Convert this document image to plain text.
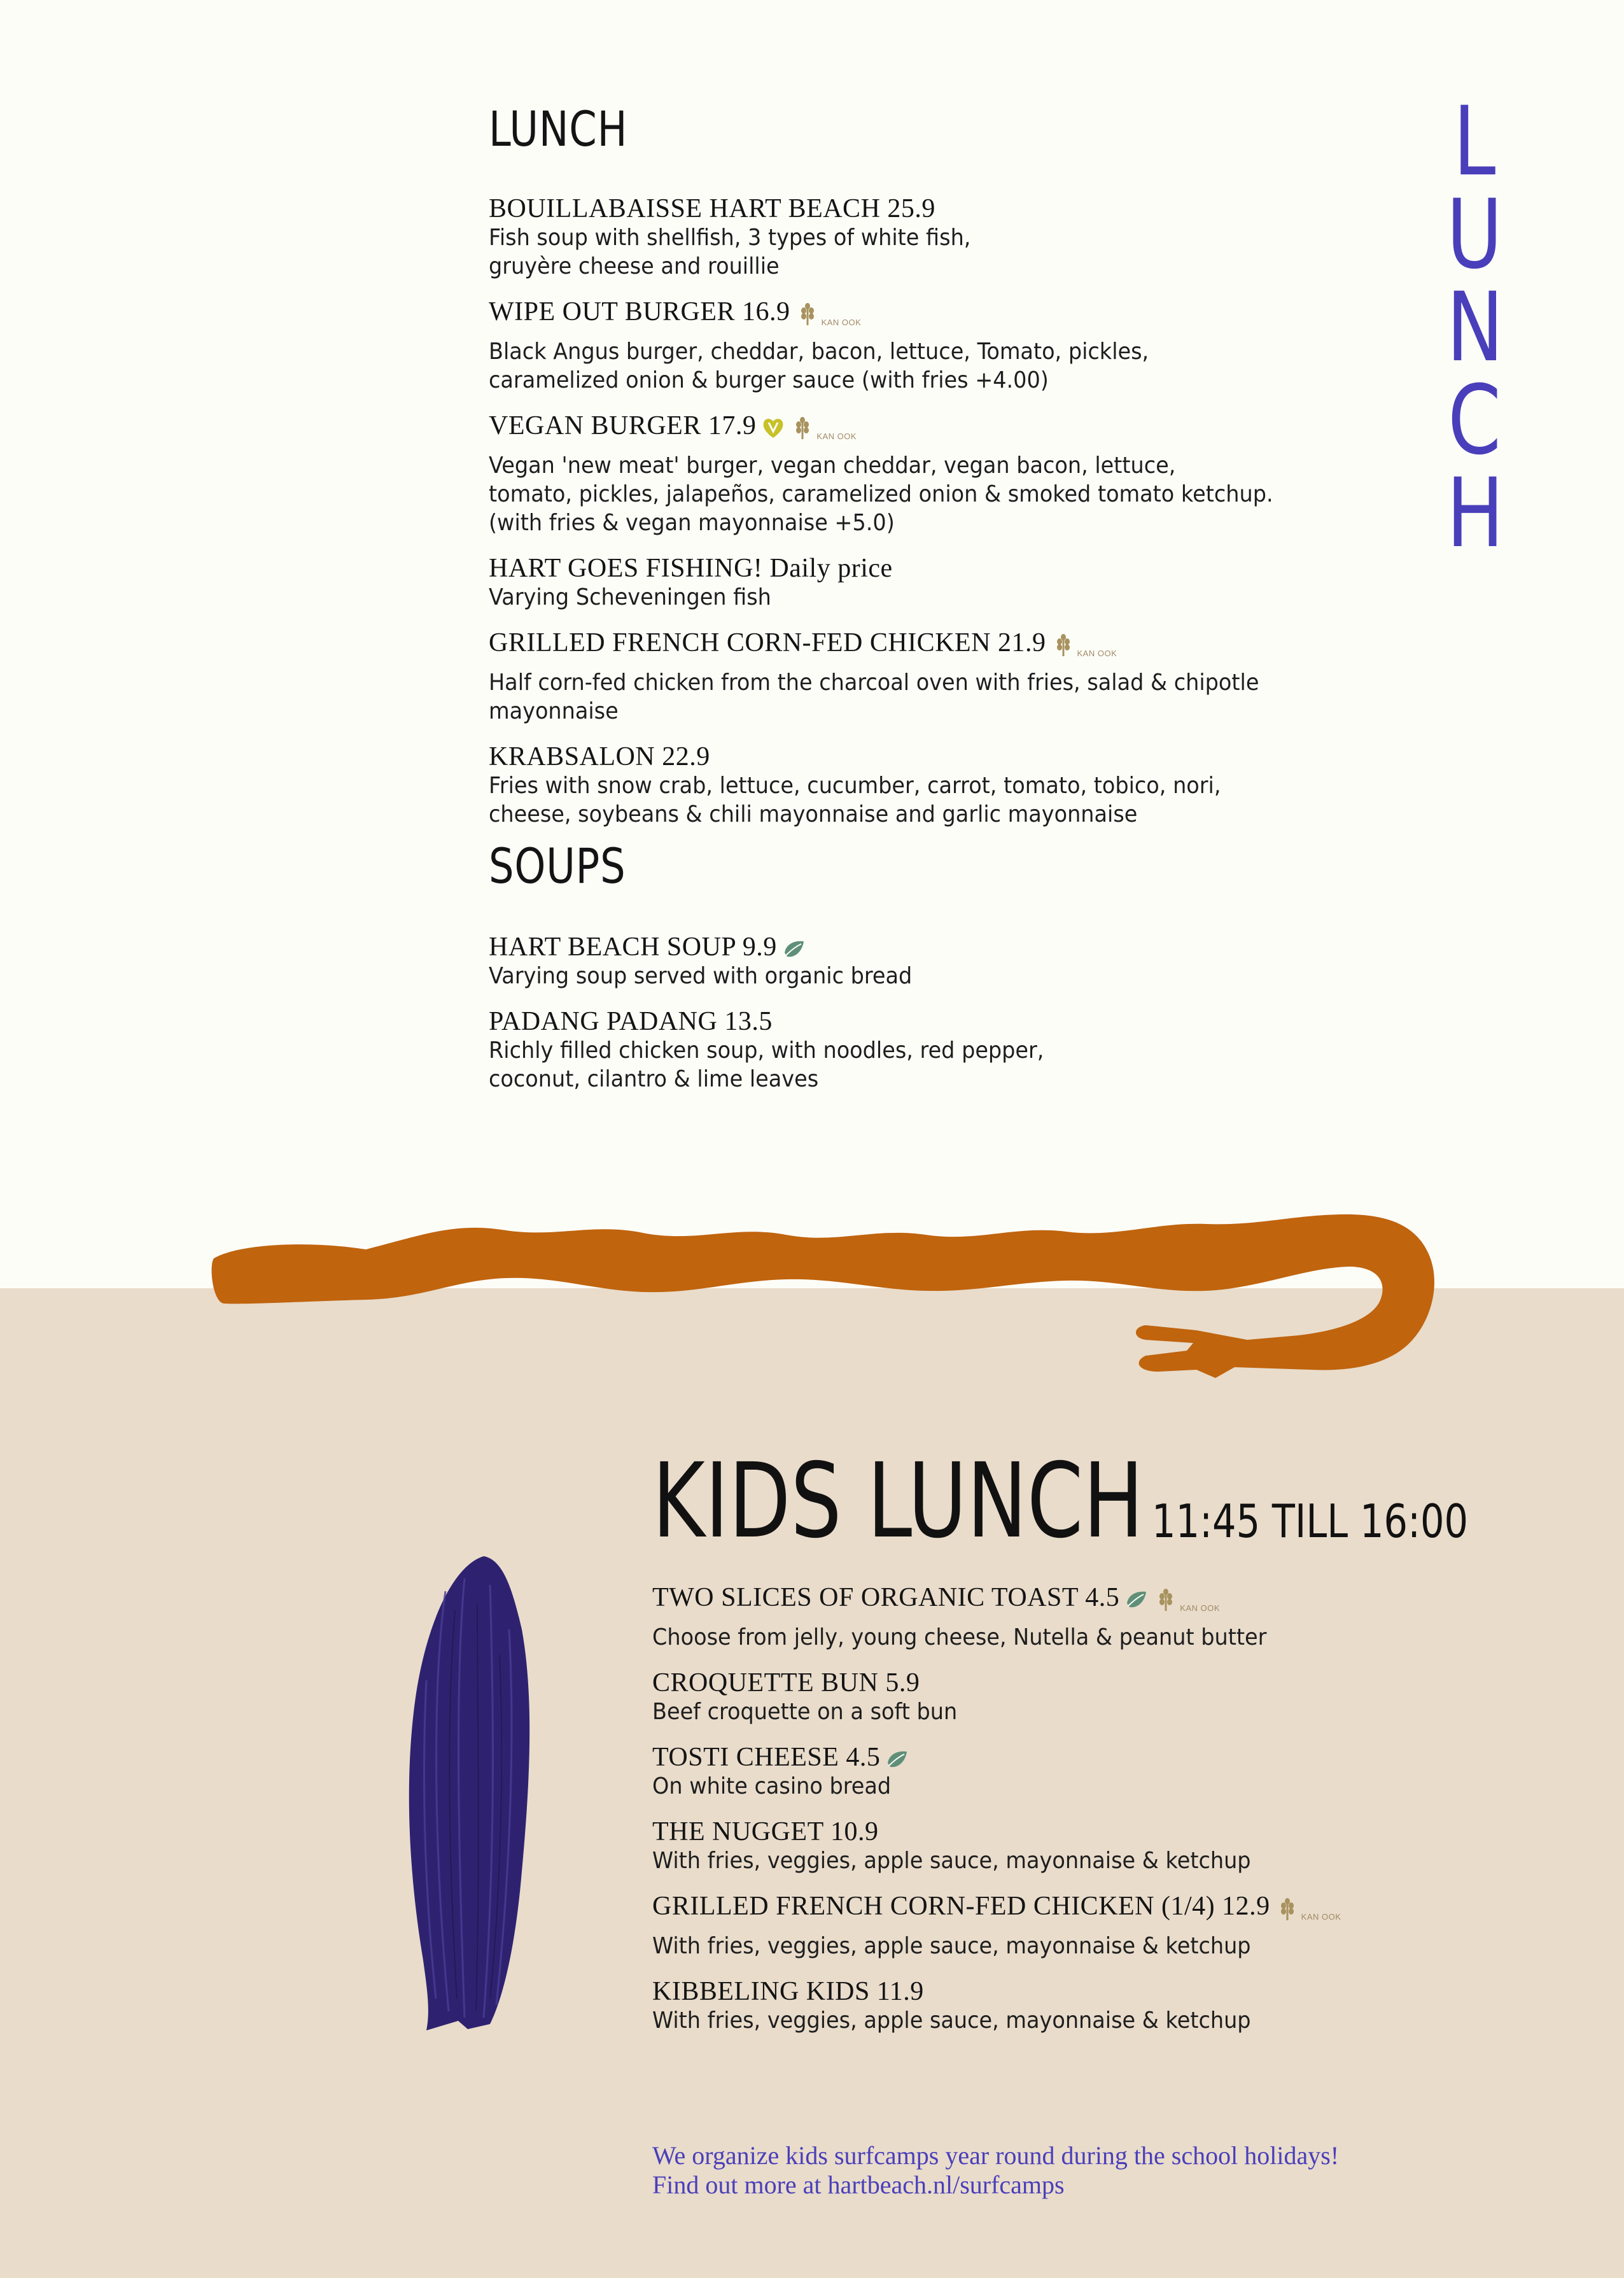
LUNCH
LUNCH
BOUILLABAISSE HART BEACH 25.9
Fish soup with shellfish, 3 types of white fish,
gruyère cheese and rouillie
WIPE OUT BURGER 16.9	KAN OOK
Black Angus burger, cheddar, bacon, lettuce, Tomato, pickles,
caramelized onion & burger sauce (with fries +4.00)
VEGAN BURGER 17.9	KAN OOK
Vegan 'new meat' burger, vegan cheddar, vegan bacon, lettuce,
tomato, pickles, jalapeños, caramelized onion & smoked tomato ketchup.
(with fries & vegan mayonnaise +5.0)
HART GOES FISHING! Daily price
Varying Scheveningen fish
GRILLED FRENCH CORN-FED CHICKEN 21.9	KAN OOK
Half corn-fed chicken from the charcoal oven with fries, salad & chipotle mayonnaise
KRABSALON 22.9
Fries with snow crab, lettuce, cucumber, carrot, tomato, tobico, nori,
cheese, soybeans & chili mayonnaise and garlic mayonnaise
SOUPS
HART BEACH SOUP 9.9
Varying soup served with organic bread
PADANG PADANG 13.5
Richly filled chicken soup, with noodles, red pepper,
coconut, cilantro & lime leaves
KIDS LUNCH 11:45 TILL 16:00
TWO SLICES OF ORGANIC TOAST 4.5	KAN OOK
Choose from jelly, young cheese, Nutella & peanut butter
CROQUETTE BUN 5.9
Beef croquette on a soft bun
TOSTI CHEESE 4.5
On white casino bread
THE NUGGET 10.9
With fries, veggies, apple sauce, mayonnaise & ketchup
GRILLED FRENCH CORN-FED CHICKEN (1/4) 12.9	KAN OOK
With fries, veggies, apple sauce, mayonnaise & ketchup
KIBBELING KIDS 11.9
With fries, veggies, apple sauce, mayonnaise & ketchup
We organize kids surfcamps year round during the school holidays!
Find out more at hartbeach.nl/surfcamps
